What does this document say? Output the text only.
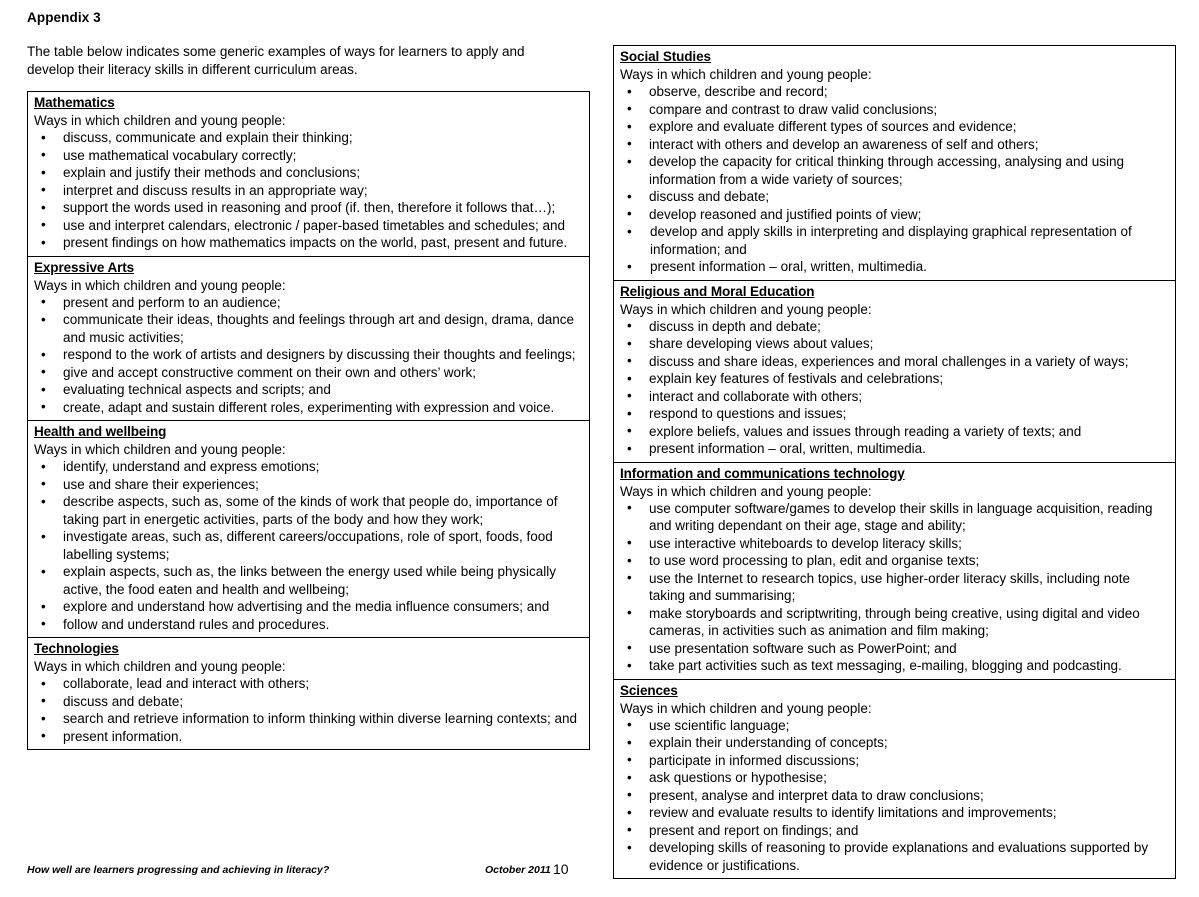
Appendix 3
The table below indicates some generic examples of ways for learners to apply and develop their literacy skills in different curriculum areas.
Mathematics
Ways in which children and young people:
• discuss, communicate and explain their thinking;
• use mathematical vocabulary correctly;
• explain and justify their methods and conclusions;
• interpret and discuss results in an appropriate way;
• support the words used in reasoning and proof (if. then, therefore it follows that…);
• use and interpret calendars, electronic / paper-based timetables and schedules; and
• present findings on how mathematics impacts on the world, past, present and future.
Expressive Arts
Ways in which children and young people:
• present and perform to an audience;
• communicate their ideas, thoughts and feelings through art and design, drama, dance and music activities;
• respond to the work of artists and designers by discussing their thoughts and feelings;
• give and accept constructive comment on their own and others’ work;
• evaluating technical aspects and scripts; and
• create, adapt and sustain different roles, experimenting with expression and voice.
Health and wellbeing
Ways in which children and young people:
• identify, understand and express emotions;
• use and share their experiences;
• describe aspects, such as, some of the kinds of work that people do, importance of taking part in energetic activities, parts of the body and how they work;
• investigate areas, such as, different careers/occupations, role of sport, foods, food labelling systems;
• explain aspects, such as, the links between the energy used while being physically active, the food eaten and health and wellbeing;
• explore and understand how advertising and the media influence consumers; and
• follow and understand rules and procedures.
Technologies
Ways in which children and young people:
• collaborate, lead and interact with others;
• discuss and debate;
• search and retrieve information to inform thinking within diverse learning contexts; and
• present information.
Social Studies
Ways in which children and young people:
• observe, describe and record;
• compare and contrast to draw valid conclusions;
• explore and evaluate different types of sources and evidence;
• interact with others and develop an awareness of self and others;
• develop the capacity for critical thinking through accessing, analysing and using information from a wide variety of sources;
• discuss and debate;
• develop reasoned and justified points of view;
• develop and apply skills in interpreting and displaying graphical representation of information; and
• present information – oral, written, multimedia.
Religious and Moral Education
Ways in which children and young people:
• discuss in depth and debate;
• share developing views about values;
• discuss and share ideas, experiences and moral challenges in a variety of ways;
• explain key features of festivals and celebrations;
• interact and collaborate with others;
• respond to questions and issues;
• explore beliefs, values and issues through reading a variety of texts; and
• present information – oral, written, multimedia.
Information and communications technology
Ways in which children and young people:
• use computer software/games to develop their skills in language acquisition, reading and writing dependant on their age, stage and ability;
• use interactive whiteboards to develop literacy skills;
• to use word processing to plan, edit and organise texts;
• use the Internet to research topics, use higher-order literacy skills, including note taking and summarising;
• make storyboards and scriptwriting, through being creative, using digital and video cameras, in activities such as animation and film making;
• use presentation software such as PowerPoint; and
• take part activities such as text messaging, e-mailing, blogging and podcasting.
Sciences
Ways in which children and young people:
• use scientific language;
• explain their understanding of concepts;
• participate in informed discussions;
• ask questions or hypothesise;
• present, analyse and interpret data to draw conclusions;
• review and evaluate results to identify limitations and improvements;
• present and report on findings; and
• developing skills of reasoning to provide explanations and evaluations supported by evidence or justifications.
How well are learners progressing and achieving in literacy?	October 2011 10
